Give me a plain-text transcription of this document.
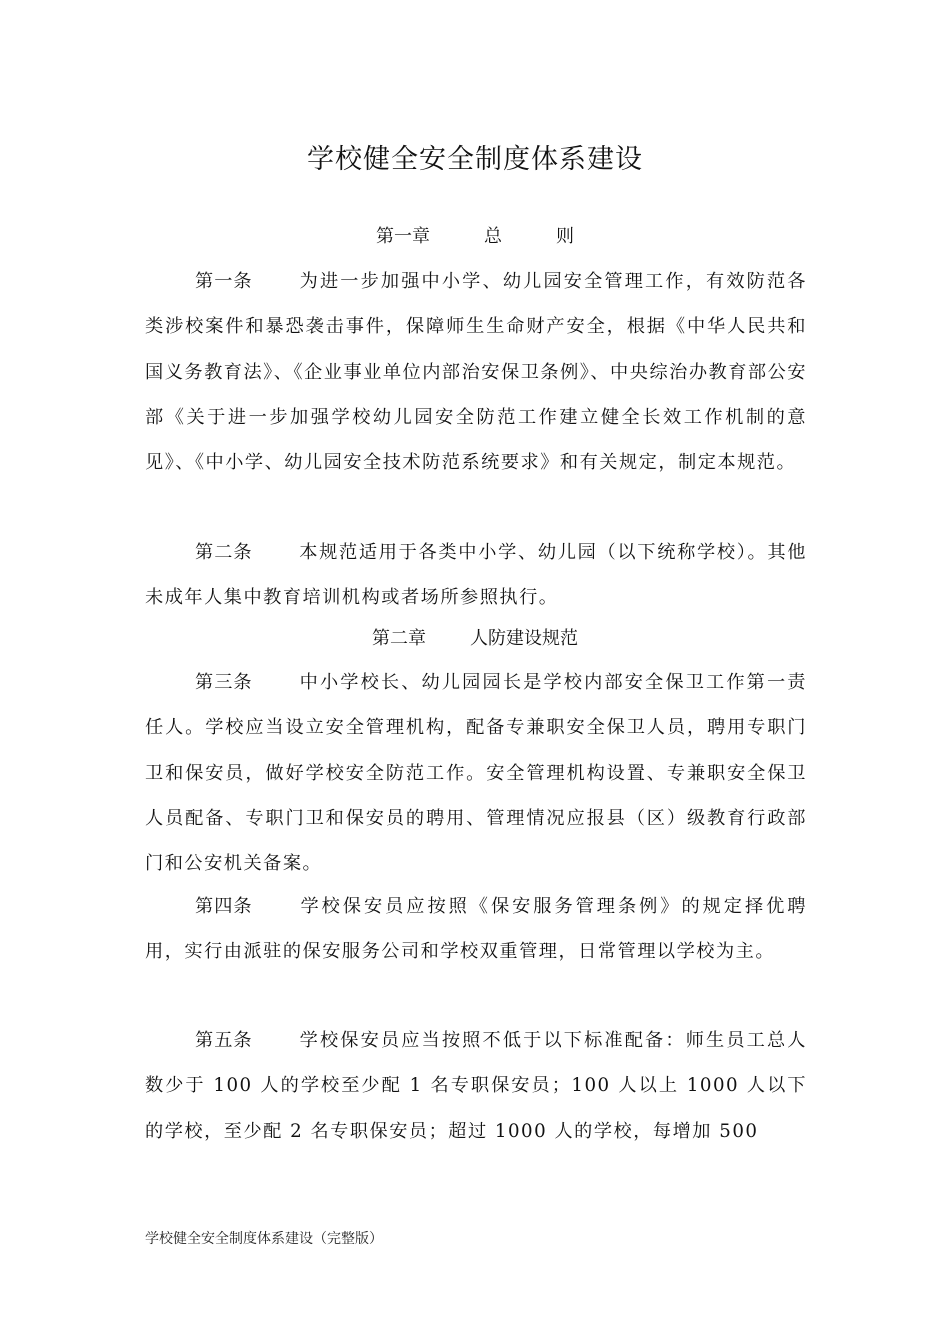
学校健全安全制度体系建设
第一章	总	则

第一条	为进一步加强中小学、幼儿园安全管理工作，有效防范各类涉校案件和暴恐袭击事件，保障师生生命财产安全，根据《中华人民共和国义务教育法》、《企业事业单位内部治安保卫条例》、中央综治办教育部公安部《关于进一步加强学校幼儿园安全防范工作建立健全长效工作机制的意见》、《中小学、幼儿园安全技术防范系统要求》和有关规定，制定本规范。

第二条	本规范适用于各类中小学、幼儿园（以下统称学校）。其他未成年人集中教育培训机构或者场所参照执行。

第二章 人防建设规范

第三条	中小学校长、幼儿园园长是学校内部安全保卫工作第一责任人。学校应当设立安全管理机构，配备专兼职安全保卫人员，聘用专职门卫和保安员，做好学校安全防范工作。安全管理机构设置、专兼职安全保卫人员配备、专职门卫和保安员的聘用、管理情况应报县（区）级教育行政部门和公安机关备案。

第四条	学校保安员应按照《保安服务管理条例》的规定择优聘用，实行由派驻的保安服务公司和学校双重管理，日常管理以学校为主。

第五条	学校保安员应当按照不低于以下标准配备：师生员工总人数少于 100 人的学校至少配 1 名专职保安员；100 人以上 1000 人以下的学校，至少配 2 名专职保安员；超过 1000 人的学校，每增加 500

学校健全安全制度体系建设（完整版）
